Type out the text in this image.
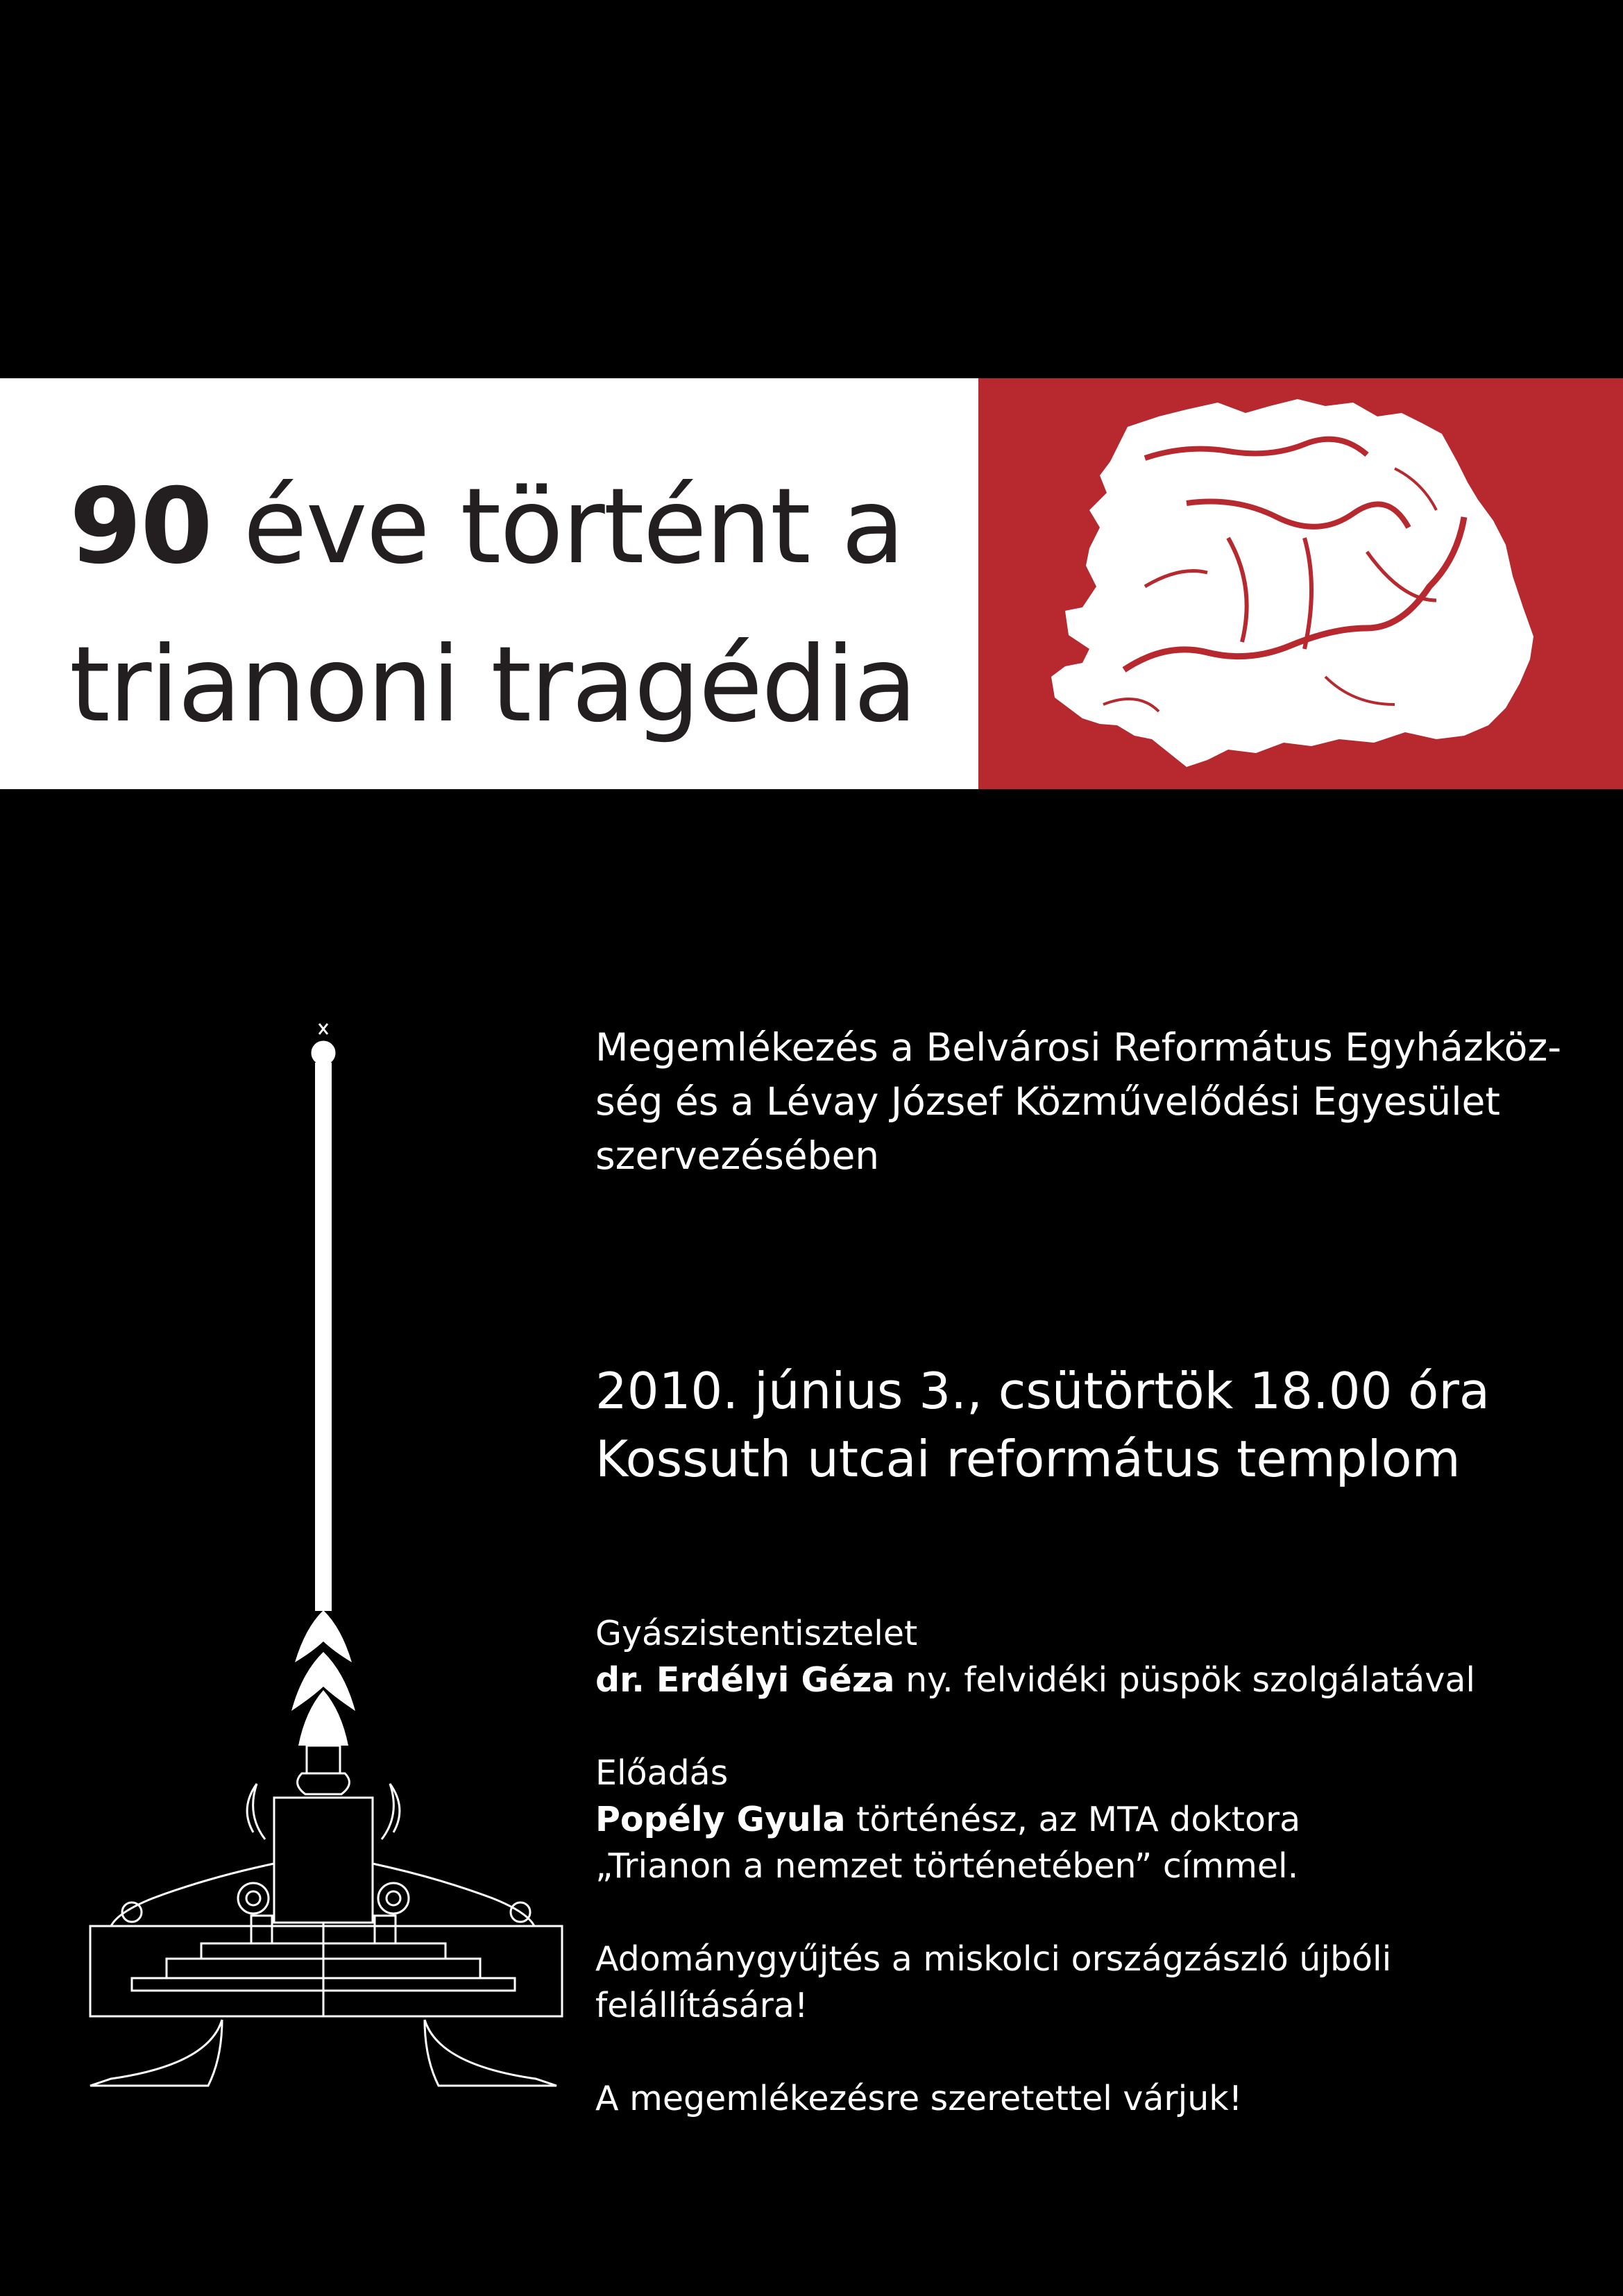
90 éve történt a
trianoni tragédia
Megemlékezés a Belvárosi Református Egyházköz-
ség és a Lévay József Közművelődési Egyesület
szervezésében
2010. június 3., csütörtök 18.00 óra
Kossuth utcai református templom

Gyászistentisztelet

dr. Erdélyi Géza ny. felvidéki püspök szolgálatával

Előadás

Popély Gyula történész, az MTA doktora

„Trianon a nemzet történetében” címmel.

Adománygyűjtés a miskolci országzászló újbóli felállítására!

A megemlékezésre szeretettel várjuk!
